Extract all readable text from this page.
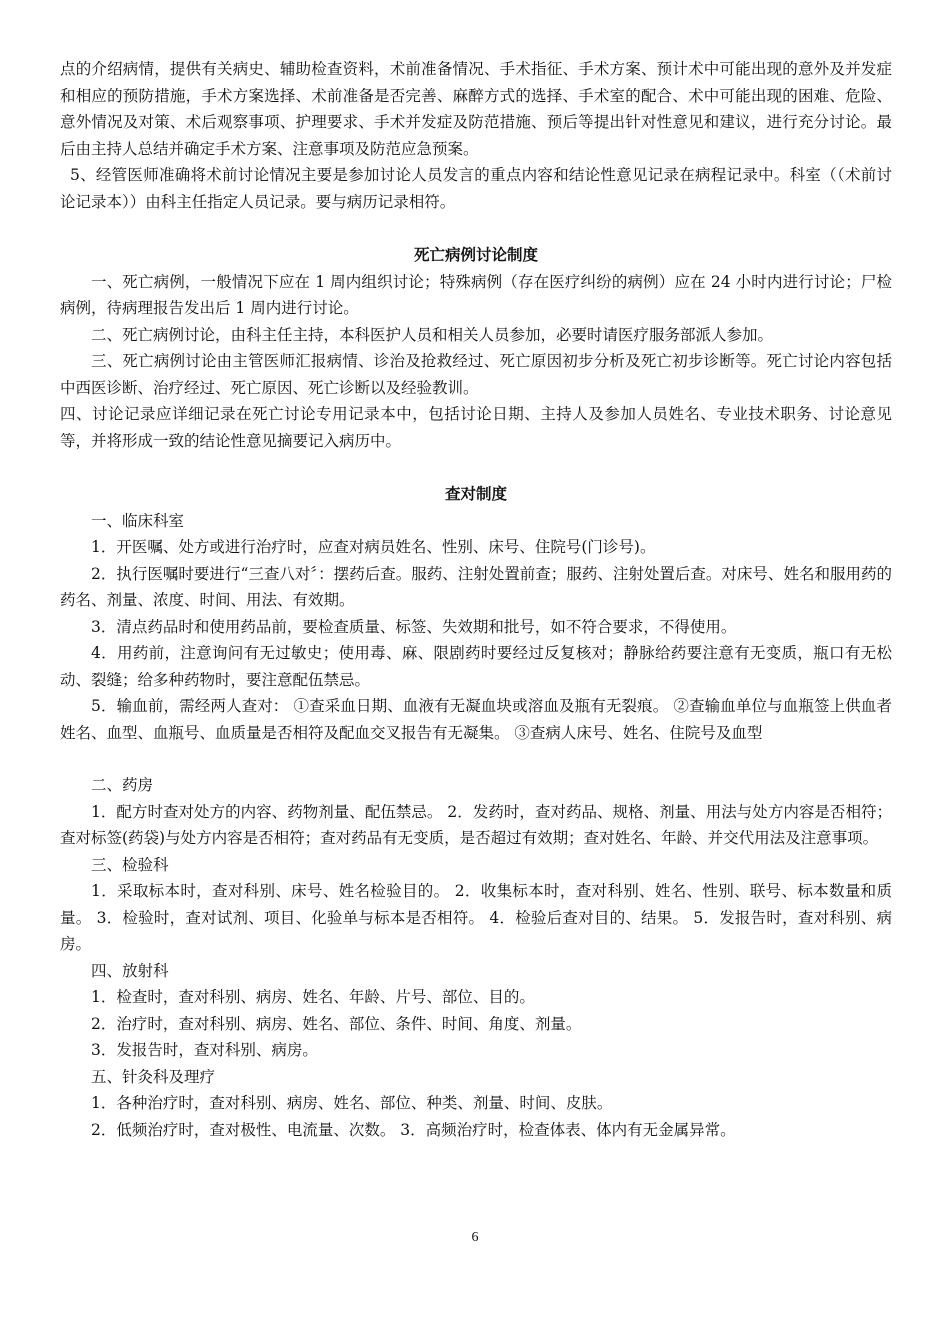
点的介绍病情，提供有关病史、辅助检查资料，术前准备情况、手术指征、手术方案、预计术中可能出现的意外及并发症和相应的预防措施，手术方案选择、术前准备是否完善、麻醉方式的选择、手术室的配合、术中可能出现的困难、危险、意外情况及对策、术后观察事项、护理要求、手术并发症及防范措施、预后等提出针对性意见和建议，进行充分讨论。最后由主持人总结并确定手术方案、注意事项及防范应急预案。

5、经管医师准确将术前讨论情况主要是参加讨论人员发言的重点内容和结论性意见记录在病程记录中。科室（（术前讨论记录本））由科主任指定人员记录。要与病历记录相符。

死亡病例讨论制度

一、死亡病例，一般情况下应在 1 周内组织讨论；特殊病例（存在医疗纠纷的病例）应在 24 小时内进行讨论；尸检病例，待病理报告发出后 1 周内进行讨论。

二、死亡病例讨论，由科主任主持，本科医护人员和相关人员参加，必要时请医疗服务部派人参加。

三、死亡病例讨论由主管医师汇报病情、诊治及抢救经过、死亡原因初步分析及死亡初步诊断等。死亡讨论内容包括中西医诊断、治疗经过、死亡原因、死亡诊断以及经验教训。

四、讨论记录应详细记录在死亡讨论专用记录本中，包括讨论日期、主持人及参加人员姓名、专业技术职务、讨论意见等，并将形成一致的结论性意见摘要记入病历中。

查对制度

一、临床科室

1．开医嘱、处方或进行治疗时，应查对病员姓名、性别、床号、住院号(门诊号)。

2．执行医嘱时要进行“三查八对〞：摆药后查。服药、注射处置前查；服药、注射处置后查。对床号、姓名和服用药的药名、剂量、浓度、时间、用法、有效期。

3．清点药品时和使用药品前，要检查质量、标签、失效期和批号，如不符合要求，不得使用。

4．用药前，注意询问有无过敏史；使用毒、麻、限剧药时要经过反复核对；静脉给药要注意有无变质，瓶口有无松动、裂缝；给多种药物时，要注意配伍禁忌。

5．输血前，需经两人查对： ①查采血日期、血液有无凝血块或溶血及瓶有无裂痕。 ②查输血单位与血瓶签上供血者姓名、血型、血瓶号、血质量是否相符及配血交叉报告有无凝集。 ③查病人床号、姓名、住院号及血型

二、药房

1．配方时查对处方的内容、药物剂量、配伍禁忌。 2．发药时，查对药品、规格、剂量、用法与处方内容是否相符；查对标签(药袋)与处方内容是否相符；查对药品有无变质，是否超过有效期；查对姓名、年龄、并交代用法及注意事项。

三、检验科

1．采取标本时，查对科别、床号、姓名检验目的。 2．收集标本时，查对科别、姓名、性别、联号、标本数量和质量。 3．检验时，查对试剂、项目、化验单与标本是否相符。 4．检验后查对目的、结果。 5．发报告时，查对科别、病房。

四、放射科

1．检查时，查对科别、病房、姓名、年龄、片号、部位、目的。

2．治疗时，查对科别、病房、姓名、部位、条件、时间、角度、剂量。

3．发报告时，查对科别、病房。

五、针灸科及理疗

1．各种治疗时，查对科别、病房、姓名、部位、种类、剂量、时间、皮肤。

2．低频治疗时，查对极性、电流量、次数。 3．高频治疗时，检查体表、体内有无金属异常。

6
